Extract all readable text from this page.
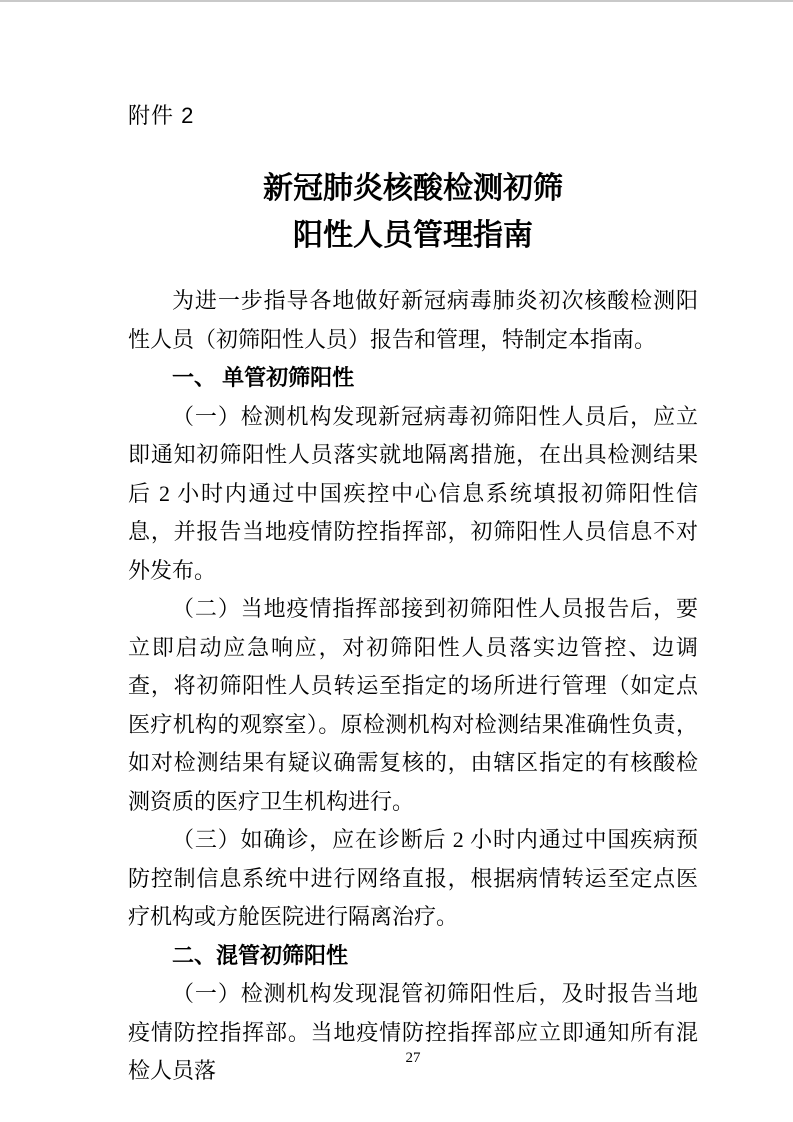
附件 2
新冠肺炎核酸检测初筛
阳性人员管理指南

为进一步指导各地做好新冠病毒肺炎初次核酸检测阳性人员（初筛阳性人员）报告和管理，特制定本指南。

一、 单管初筛阳性

（一）检测机构发现新冠病毒初筛阳性人员后，应立即通知初筛阳性人员落实就地隔离措施，在出具检测结果后 2 小时内通过中国疾控中心信息系统填报初筛阳性信息，并报告当地疫情防控指挥部，初筛阳性人员信息不对外发布。

（二）当地疫情指挥部接到初筛阳性人员报告后，要立即启动应急响应，对初筛阳性人员落实边管控、边调查，将初筛阳性人员转运至指定的场所进行管理（如定点医疗机构的观察室）。原检测机构对检测结果准确性负责，如对检测结果有疑议确需复核的，由辖区指定的有核酸检测资质的医疗卫生机构进行。

（三）如确诊，应在诊断后 2 小时内通过中国疾病预防控制信息系统中进行网络直报，根据病情转运至定点医疗机构或方舱医院进行隔离治疗。

二、混管初筛阳性

（一）检测机构发现混管初筛阳性后，及时报告当地疫情防控指挥部。当地疫情防控指挥部应立即通知所有混检人员落	27
